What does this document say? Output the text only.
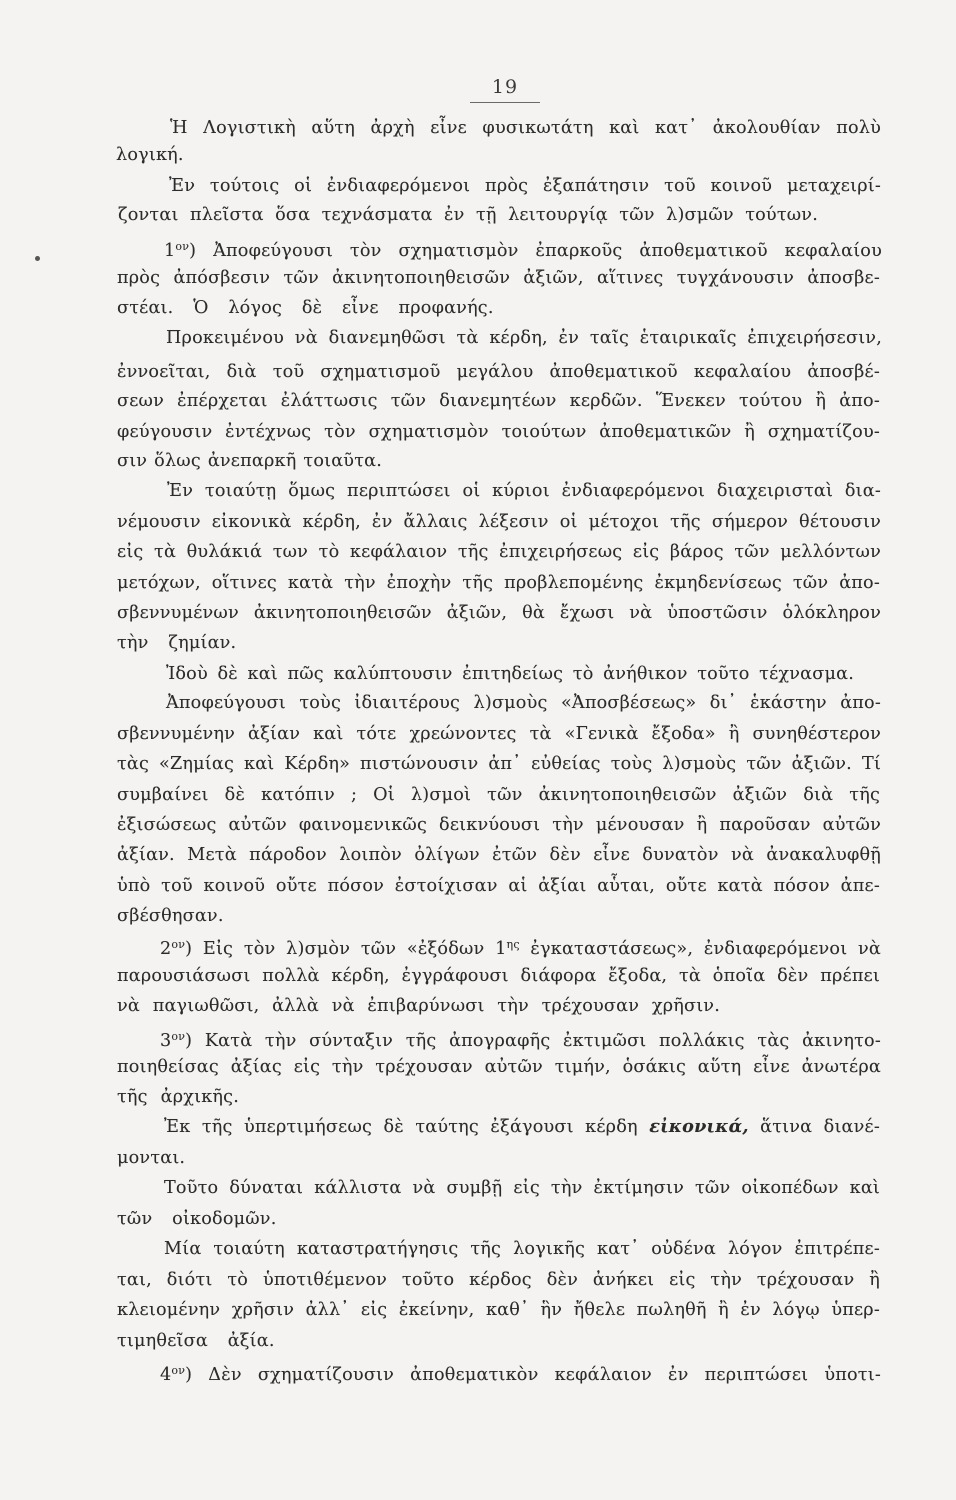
19
Ἡ Λογιστικὴ αὕτη ἀρχὴ εἶνε φυσικωτάτη καὶ κατ᾿ ἀκολουθίαν πολὺ
λογική.
Ἐν τούτοις οἱ ἐνδιαφερόμενοι πρὸς ἐξαπάτησιν τοῦ κοινοῦ μεταχειρί-
ζονται πλεῖστα ὅσα τεχνάσματα ἐν τῇ λειτουργίᾳ τῶν λ)σμῶν τούτων.
$1^{o\nu}$) Ἀποφεύγουσι τὸν σχηματισμὸν ἐπαρκοῦς ἀποθεματικοῦ κεφαλαίου
πρὸς ἀπόσβεσιν τῶν ἀκινητοποιηθεισῶν ἀξιῶν, αἵτινες τυγχάνουσιν ἀποσβε-
στέαι. Ὁ λόγος δὲ εἶνε προφανής.
Προκειμένου νὰ διανεμηθῶσι τὰ κέρδη, ἐν ταῖς ἑταιρικαῖς ἐπιχειρήσεσιν,
ἐννοεῖται, διὰ τοῦ σχηματισμοῦ μεγάλου ἀποθεματικοῦ κεφαλαίου ἀποσβέ-
σεων ἐπέρχεται ἐλάττωσις τῶν διανεμητέων κερδῶν. Ἕνεκεν τούτου ἢ ἀπο-
φεύγουσιν ἐντέχνως τὸν σχηματισμὸν τοιούτων ἀποθεματικῶν ἢ σχηματίζου-
σιν ὅλως ἀνεπαρκῆ τοιαῦτα.
Ἐν τοιαύτῃ ὅμως περιπτώσει οἱ κύριοι ἐνδιαφερόμενοι διαχειρισταὶ δια-
νέμουσιν εἰκονικὰ κέρδη, ἐν ἄλλαις λέξεσιν οἱ μέτοχοι τῆς σήμερον θέτουσιν
εἰς τὰ θυλάκιά των τὸ κεφάλαιον τῆς ἐπιχειρήσεως εἰς βάρος τῶν μελλόντων
μετόχων, οἵτινες κατὰ τὴν ἐποχὴν τῆς προβλεπομένης ἐκμηδενίσεως τῶν ἀπο-
σβεννυμένων ἀκινητοποιηθεισῶν ἀξιῶν, θὰ ἔχωσι νὰ ὑποστῶσιν ὁλόκληρον
τὴν ζημίαν.
Ἰδοὺ δὲ καὶ πῶς καλύπτουσιν ἐπιτηδείως τὸ ἀνήθικον τοῦτο τέχνασμα.
Ἀποφεύγουσι τοὺς ἰδιαιτέρους λ)σμοὺς «Ἀποσβέσεως» δι᾿ ἑκάστην ἀπο-
σβεννυμένην ἀξίαν καὶ τότε χρεώνοντες τὰ «Γενικὰ ἔξοδα» ἢ συνηθέστερον
τὰς «Ζημίας καὶ Κέρδη» πιστώνουσιν ἀπ᾿ εὐθείας τοὺς λ)σμοὺς τῶν ἀξιῶν. Τί
συμβαίνει δὲ κατόπιν ; Οἱ λ)σμοὶ τῶν ἀκινητοποιηθεισῶν ἀξιῶν διὰ τῆς
ἐξισώσεως αὐτῶν φαινομενικῶς δεικνύουσι τὴν μένουσαν ἢ παροῦσαν αὐτῶν
ἀξίαν. Μετὰ πάροδον λοιπὸν ὀλίγων ἐτῶν δὲν εἶνε δυνατὸν νὰ ἀνακαλυφθῇ
ὑπὸ τοῦ κοινοῦ οὔτε πόσον ἐστοίχισαν αἱ ἀξίαι αὗται, οὔτε κατὰ πόσον ἀπε-
σβέσθησαν.
$2^{o\nu}$) Εἰς τὸν λ)σμὸν τῶν «ἐξόδων $1^{\eta\varsigma}$ ἐγκαταστάσεως», ἐνδιαφερόμενοι νὰ
παρουσιάσωσι πολλὰ κέρδη, ἐγγράφουσι διάφορα ἔξοδα, τὰ ὁποῖα δὲν πρέπει
νὰ παγιωθῶσι, ἀλλὰ νὰ ἐπιβαρύνωσι τὴν τρέχουσαν χρῆσιν.
$3^{o\nu}$) Κατὰ τὴν σύνταξιν τῆς ἀπογραφῆς ἐκτιμῶσι πολλάκις τὰς ἀκινητο-
ποιηθείσας ἀξίας εἰς τὴν τρέχουσαν αὐτῶν τιμήν, ὁσάκις αὕτη εἶνε ἀνωτέρα
τῆς ἀρχικῆς.
Ἐκ τῆς ὑπερτιμήσεως δὲ ταύτης ἐξάγουσι κέρδη εἰκονικά, ἅτινα διανέ-
μονται.
Τοῦτο δύναται κάλλιστα νὰ συμβῇ εἰς τὴν ἐκτίμησιν τῶν οἰκοπέδων καὶ
τῶν οἰκοδομῶν.
Μία τοιαύτη καταστρατήγησις τῆς λογικῆς κατ᾿ οὐδένα λόγον ἐπιτρέπε-
ται, διότι τὸ ὑποτιθέμενον τοῦτο κέρδος δὲν ἀνήκει εἰς τὴν τρέχουσαν ἢ
κλειομένην χρῆσιν ἀλλ᾿ εἰς ἐκείνην, καθ᾿ ἣν ἤθελε πωληθῆ ἢ ἐν λόγῳ ὑπερ-
τιμηθεῖσα ἀξία.
$4^{o\nu}$) Δὲν σχηματίζουσιν ἀποθεματικὸν κεφάλαιον ἐν περιπτώσει ὑποτι-
